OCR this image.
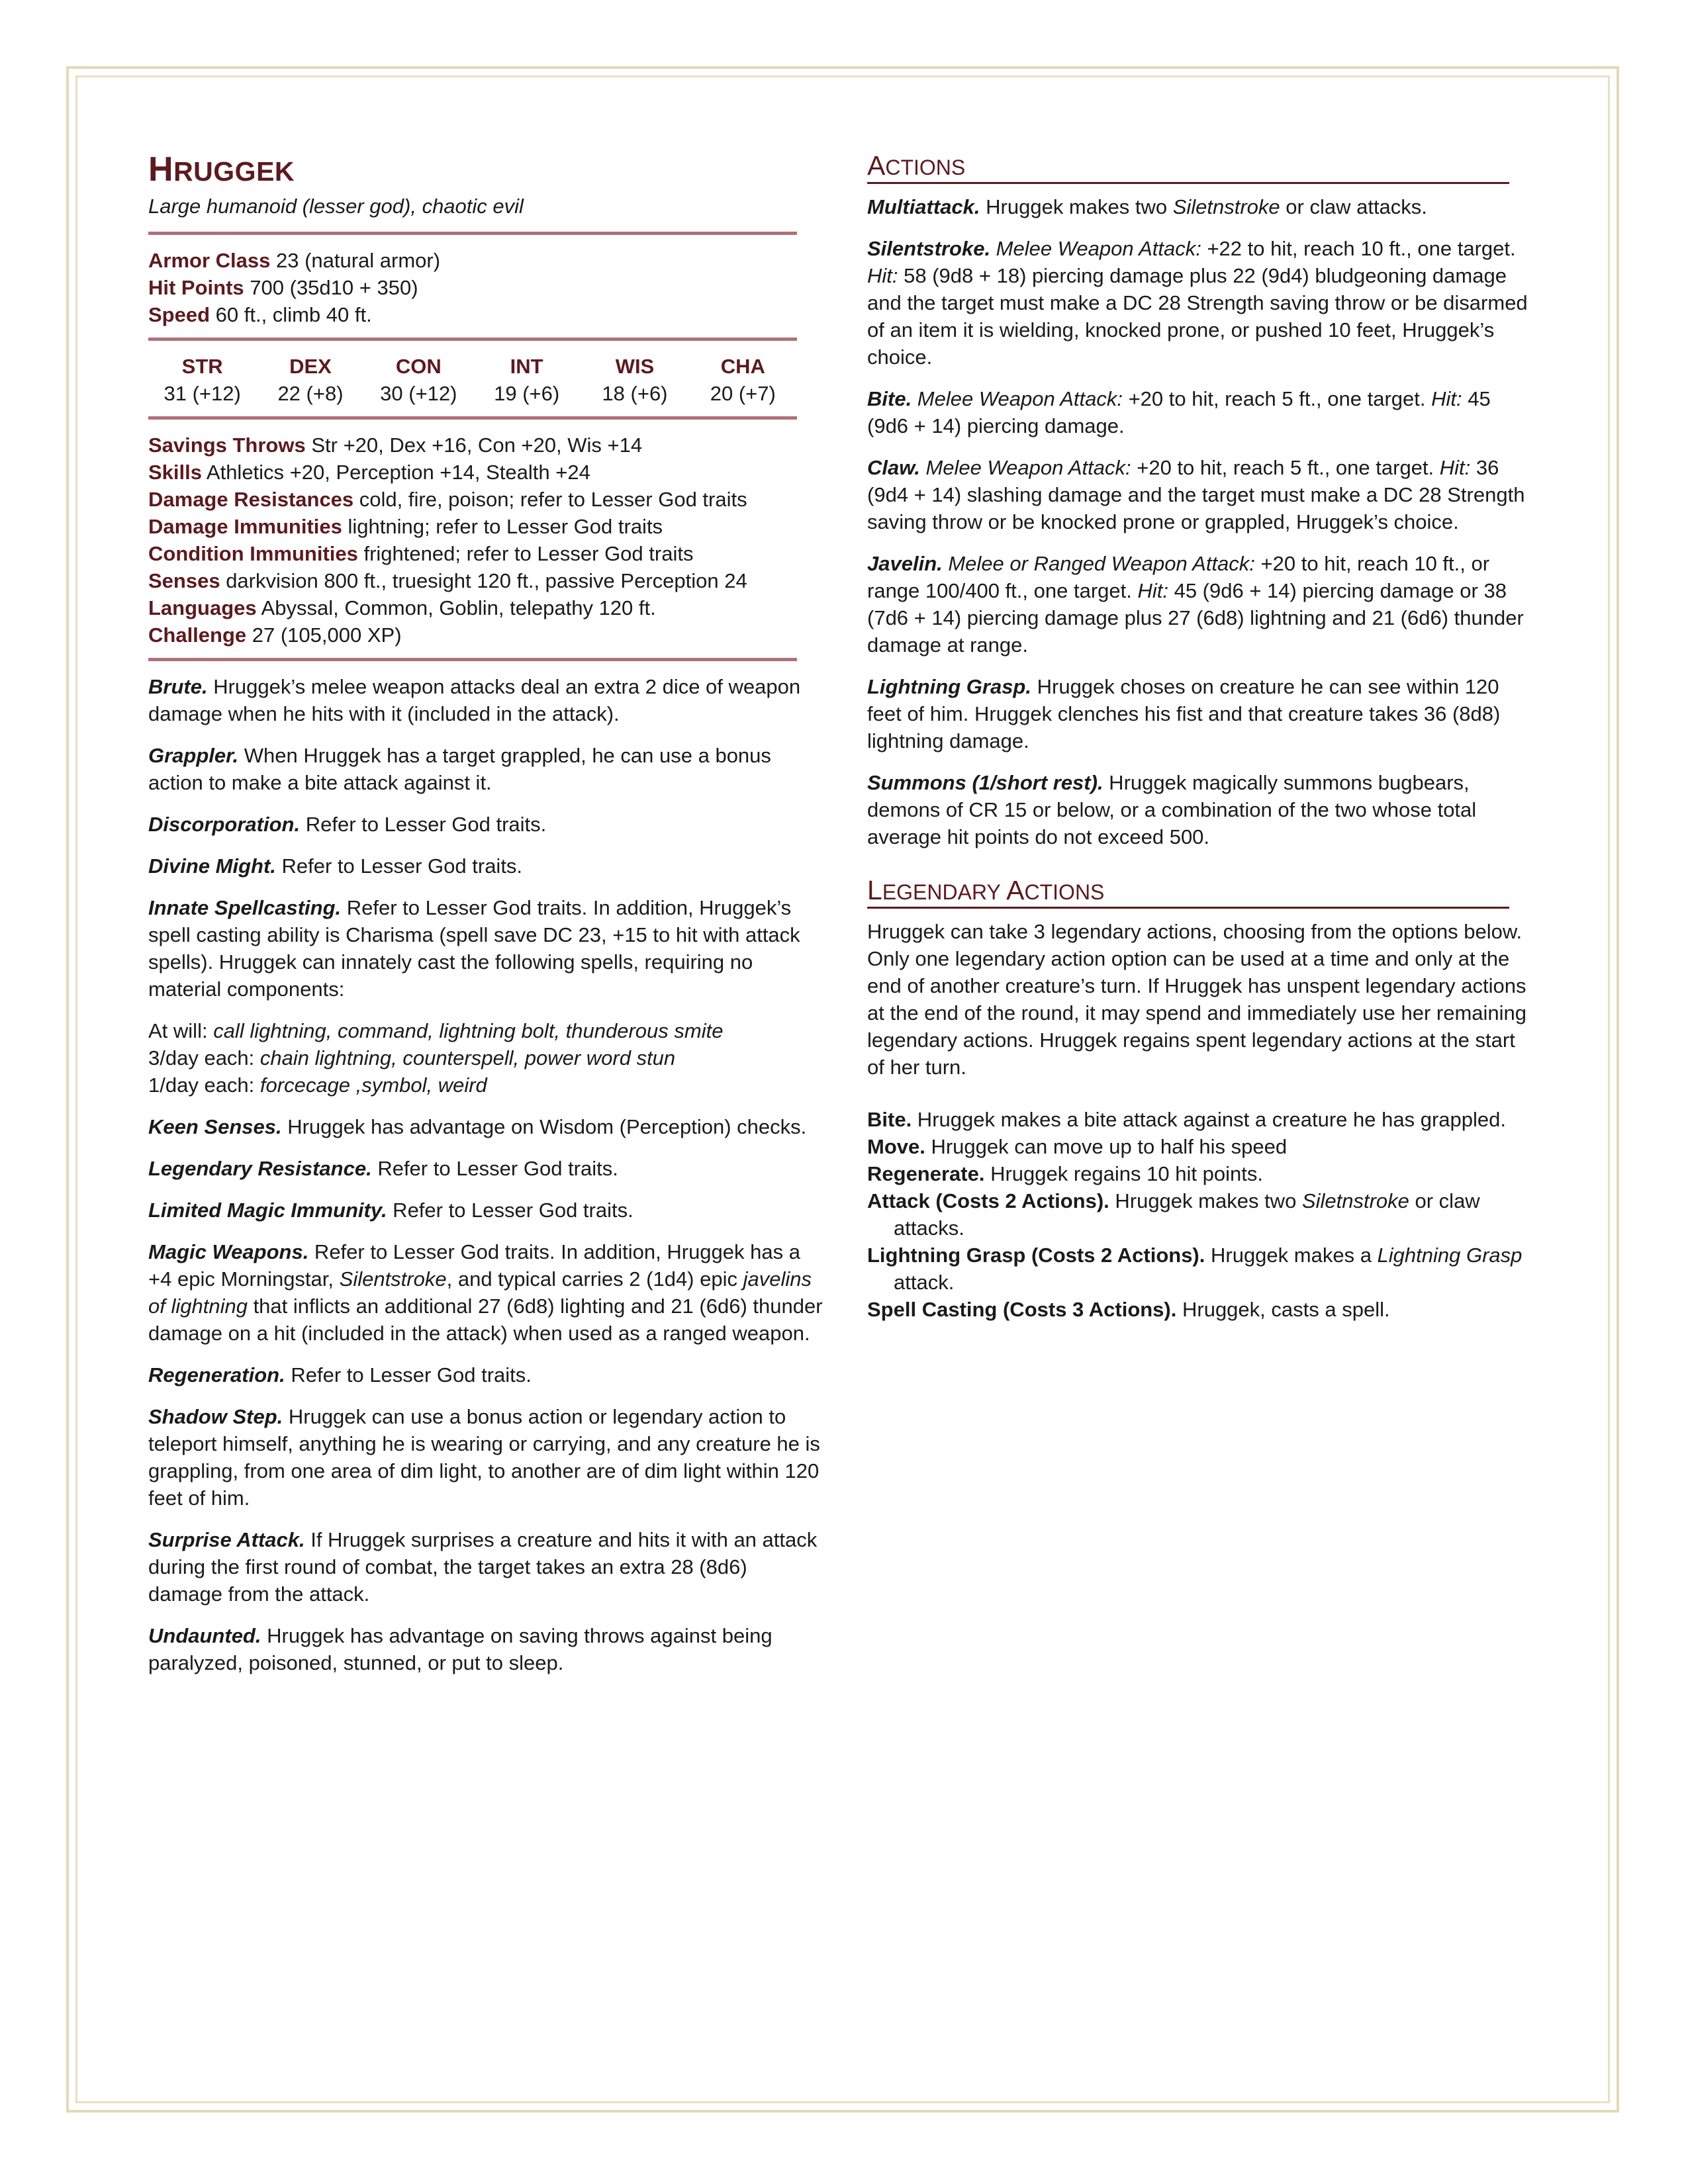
HRUGGEK

Large humanoid (lesser god), chaotic evil

Armor Class 23 (natural armor)

Hit Points 700 (35d10 + 350)

Speed 60 ft., climb 40 ft.

STR
31 (+12)
DEX
22 (+8)
CON
30 (+12)
INT
19 (+6)
WIS
18 (+6)
CHA
20 (+7)

Savings Throws Str +20, Dex +16, Con +20, Wis +14

Skills Athletics +20, Perception +14, Stealth +24

Damage Resistances cold, fire, poison; refer to Lesser God traits

Damage Immunities lightning; refer to Lesser God traits

Condition Immunities frightened; refer to Lesser God traits

Senses darkvision 800 ft., truesight 120 ft., passive Perception 24

Languages Abyssal, Common, Goblin, telepathy 120 ft.

Challenge 27 (105,000 XP)

Brute. Hruggek’s melee weapon attacks deal an extra 2 dice of weapon damage when he hits with it (included in the attack).

Grappler. When Hruggek has a target grappled, he can use a bonus action to make a bite attack against it.

Discorporation. Refer to Lesser God traits.

Divine Might. Refer to Lesser God traits.

Innate Spellcasting. Refer to Lesser God traits. In addition, Hruggek’s spell casting ability is Charisma (spell save DC 23, +15 to hit with attack spells). Hruggek can innately cast the following spells, requiring no material components:

At will: call lightning, command, lightning bolt, thunderous smite

3/day each: chain lightning, counterspell, power word stun

1/day each: forcecage ,symbol, weird

Keen Senses. Hruggek has advantage on Wisdom (Perception) checks.

Legendary Resistance. Refer to Lesser God traits.

Limited Magic Immunity. Refer to Lesser God traits.

Magic Weapons. Refer to Lesser God traits. In addition, Hruggek has a +4 epic Morningstar, Silentstroke, and typical carries 2 (1d4) epic javelins of lightning that inflicts an additional 27 (6d8) lighting and 21 (6d6) thunder damage on a hit (included in the attack) when used as a ranged weapon.

Regeneration. Refer to Lesser God traits.

Shadow Step. Hruggek can use a bonus action or legendary action to teleport himself, anything he is wearing or carrying, and any creature he is grappling, from one area of dim light, to another are of dim light within 120 feet of him.

Surprise Attack. If Hruggek surprises a creature and hits it with an attack during the first round of combat, the target takes an extra 28 (8d6) damage from the attack.

Undaunted. Hruggek has advantage on saving throws against being paralyzed, poisoned, stunned, or put to sleep.

ACTIONS

Multiattack. Hruggek makes two Siletnstroke or claw attacks.

Silentstroke. Melee Weapon Attack: +22 to hit, reach 10 ft., one target. Hit: 58 (9d8 + 18) piercing damage plus 22 (9d4) bludgeoning damage and the target must make a DC 28 Strength saving throw or be disarmed of an item it is wielding, knocked prone, or pushed 10 feet, Hruggek’s choice.

Bite. Melee Weapon Attack: +20 to hit, reach 5 ft., one target. Hit: 45 (9d6 + 14) piercing damage.

Claw. Melee Weapon Attack: +20 to hit, reach 5 ft., one target. Hit: 36 (9d4 + 14) slashing damage and the target must make a DC 28 Strength saving throw or be knocked prone or grappled, Hruggek’s choice.

Javelin. Melee or Ranged Weapon Attack: +20 to hit, reach 10 ft., or range 100/400 ft., one target. Hit: 45 (9d6 + 14) piercing damage or 38 (7d6 + 14) piercing damage plus 27 (6d8) lightning and 21 (6d6) thunder damage at range.

Lightning Grasp. Hruggek choses on creature he can see within 120 feet of him. Hruggek clenches his fist and that creature takes 36 (8d8) lightning damage.

Summons (1/short rest). Hruggek magically summons bugbears, demons of CR 15 or below, or a combination of the two whose total average hit points do not exceed 500.

LEGENDARY ACTIONS

Hruggek can take 3 legendary actions, choosing from the options below. Only one legendary action option can be used at a time and only at the end of another creature’s turn. If Hruggek has unspent legendary actions at the end of the round, it may spend and immediately use her remaining legendary actions. Hruggek regains spent legendary actions at the start of her turn.

Bite. Hruggek makes a bite attack against a creature he has grappled.

Move. Hruggek can move up to half his speed

Regenerate. Hruggek regains 10 hit points.

Attack (Costs 2 Actions). Hruggek makes two Siletnstroke or claw attacks.

Lightning Grasp (Costs 2 Actions). Hruggek makes a Lightning Grasp attack.

Spell Casting (Costs 3 Actions). Hruggek, casts a spell.
